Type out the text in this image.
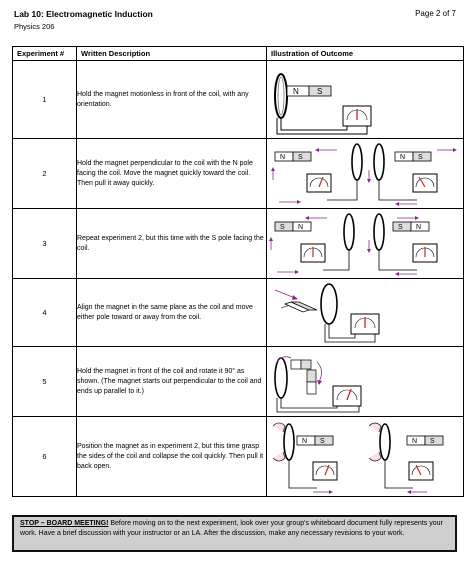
Lab 10: Electromagnetic Induction
Physics 206
Page 2 of 7
Experiment #	Written Description	Illustration of Outcome
1	Hold the magnet motionless in front of the coil, with any orientation.	N S

2	Hold the magnet perpendicular to the coil with the N pole facing the coil. Move the magnet quickly toward the coil. Then pull it away quickly.	N S N S

3	Repeat experiment 2, but this time with the S pole facing the coil.	S N S N

4	Align the magnet in the same plane as the coil and move either pole toward or away from the coil.	

5	Hold the magnet in front of the coil and rotate it 90° as shown. (The magnet starts out perpendicular to the coil and ends up parallel to it.)	

6	Position the magnet as in experiment 2, but this time grasp the sides of the coil and collapse the coil quickly. Then pull it back open.	N S N S
STOP – BOARD MEETING! Before moving on to the next experiment, look over your group's whiteboard document fully represents your work. Have a brief discussion with your instructor or an LA. After the discussion, make any necessary revisions to your work.
